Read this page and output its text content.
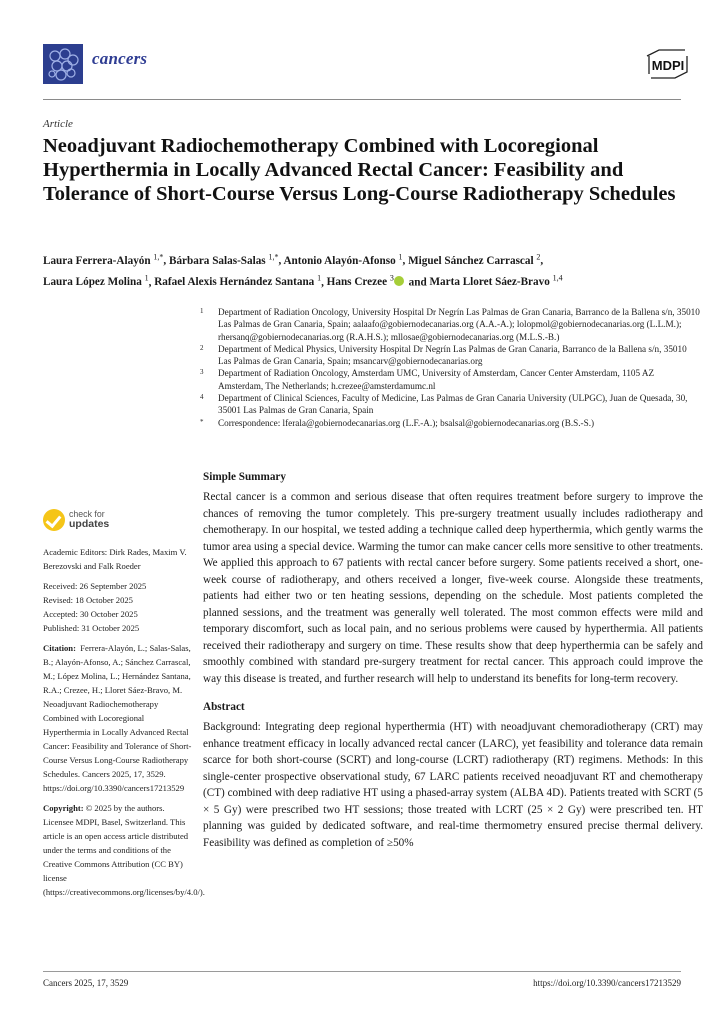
cancers	MDPI
Article
Neoadjuvant Radiochemotherapy Combined with Locoregional Hyperthermia in Locally Advanced Rectal Cancer: Feasibility and Tolerance of Short-Course Versus Long-Course Radiotherapy Schedules
Laura Ferrera-Alayón $^{1,*}$, Bárbara Salas-Salas $^{1,*}$, Antonio Alayón-Afonso $^1$, Miguel Sánchez Carrascal $^2$,
Laura López Molina $^1$, Rafael Alexis Hernández Santana $^1$, Hans Crezee $^3$ and Marta Lloret Sáez-Bravo $^{1,4}$
1 Department of Radiation Oncology, University Hospital Dr Negrín Las Palmas de Gran Canaria, Barranco de la Ballena s/n, 35010 Las Palmas de Gran Canaria, Spain; aalaafo@gobiernodecanarias.org (A.A.-A.); lolopmol@gobiernodecanarias.org (L.L.M.); rhersanq@gobiernodecanarias.org (R.A.H.S.); mllosae@gobiernodecanarias.org (M.L.S.-B.)
2 Department of Medical Physics, University Hospital Dr Negrín Las Palmas de Gran Canaria, Barranco de la Ballena s/n, 35010 Las Palmas de Gran Canaria, Spain; msancarv@gobiernodecanarias.org
3 Department of Radiation Oncology, Amsterdam UMC, University of Amsterdam, Cancer Center Amsterdam, 1105 AZ Amsterdam, The Netherlands; h.crezee@amsterdamumc.nl
4 Department of Clinical Sciences, Faculty of Medicine, Las Palmas de Gran Canaria University (ULPGC), Juan de Quesada, 30, 35001 Las Palmas de Gran Canaria, Spain
* Correspondence: lferala@gobiernodecanarias.org (L.F.-A.); bsalsal@gobiernodecanarias.org (B.S.-S.)
check for
updates
Academic Editors: Dirk Rades, Maxim V. Berezovski and Falk Roeder
Received: 26 September 2025
Revised: 18 October 2025
Accepted: 30 October 2025
Published: 31 October 2025
Citation: Ferrera-Alayón, L.; Salas-Salas, B.; Alayón-Afonso, A.; Sánchez Carrascal, M.; López Molina, L.; Hernández Santana, R.A.; Crezee, H.; Lloret Sáez-Bravo, M. Neoadjuvant Radiochemotherapy Combined with Locoregional Hyperthermia in Locally Advanced Rectal Cancer: Feasibility and Tolerance of Short-Course Versus Long-Course Radiotherapy Schedules. Cancers 2025, 17, 3529. https://doi.org/10.3390/cancers17213529
Copyright: © 2025 by the authors. Licensee MDPI, Basel, Switzerland. This article is an open access article distributed under the terms and conditions of the Creative Commons Attribution (CC BY) license (https://creativecommons.org/licenses/by/4.0/).
Simple Summary
Rectal cancer is a common and serious disease that often requires treatment before surgery to improve the chances of removing the tumor completely. This pre-surgery treatment usually includes radiotherapy and chemotherapy. In our hospital, we tested adding a technique called deep hyperthermia, which gently warms the tumor area using a special device. Warming the tumor can make cancer cells more sensitive to other treatments. We applied this approach to 67 patients with rectal cancer before surgery. Some patients received a short, one-week course of radiotherapy, and others received a longer, five-week course. Alongside these treatments, patients had either two or ten heating sessions, depending on the schedule. Most patients completed the planned sessions, and the treatment was generally well tolerated. The most common effects were mild and temporary discomfort, such as local pain, and no serious problems were caused by hyperthermia. All patients received their radiotherapy and surgery on time. These results show that deep hyperthermia can be safely and smoothly combined with standard pre-surgery treatment for rectal cancer. This approach could improve the way this disease is treated, and further research will help to understand its benefits for long-term recovery.
Abstract
Background: Integrating deep regional hyperthermia (HT) with neoadjuvant chemoradiotherapy (CRT) may enhance treatment efficacy in locally advanced rectal cancer (LARC), yet feasibility and tolerance data remain scarce for both short-course (SCRT) and long-course (LCRT) radiotherapy (RT) regimens. Methods: In this single-center prospective observational study, 67 LARC patients received neoadjuvant RT and chemotherapy (CT) combined with deep radiative HT using a phased-array system (ALBA 4D). Patients treated with SCRT (5 × 5 Gy) were prescribed two HT sessions; those treated with LCRT (25 × 2 Gy) were prescribed ten. HT planning was guided by dedicated software, and real-time thermometry ensured precise thermal delivery. Feasibility was defined as completion of ≥50%
Cancers 2025, 17, 3529	https://doi.org/10.3390/cancers17213529
